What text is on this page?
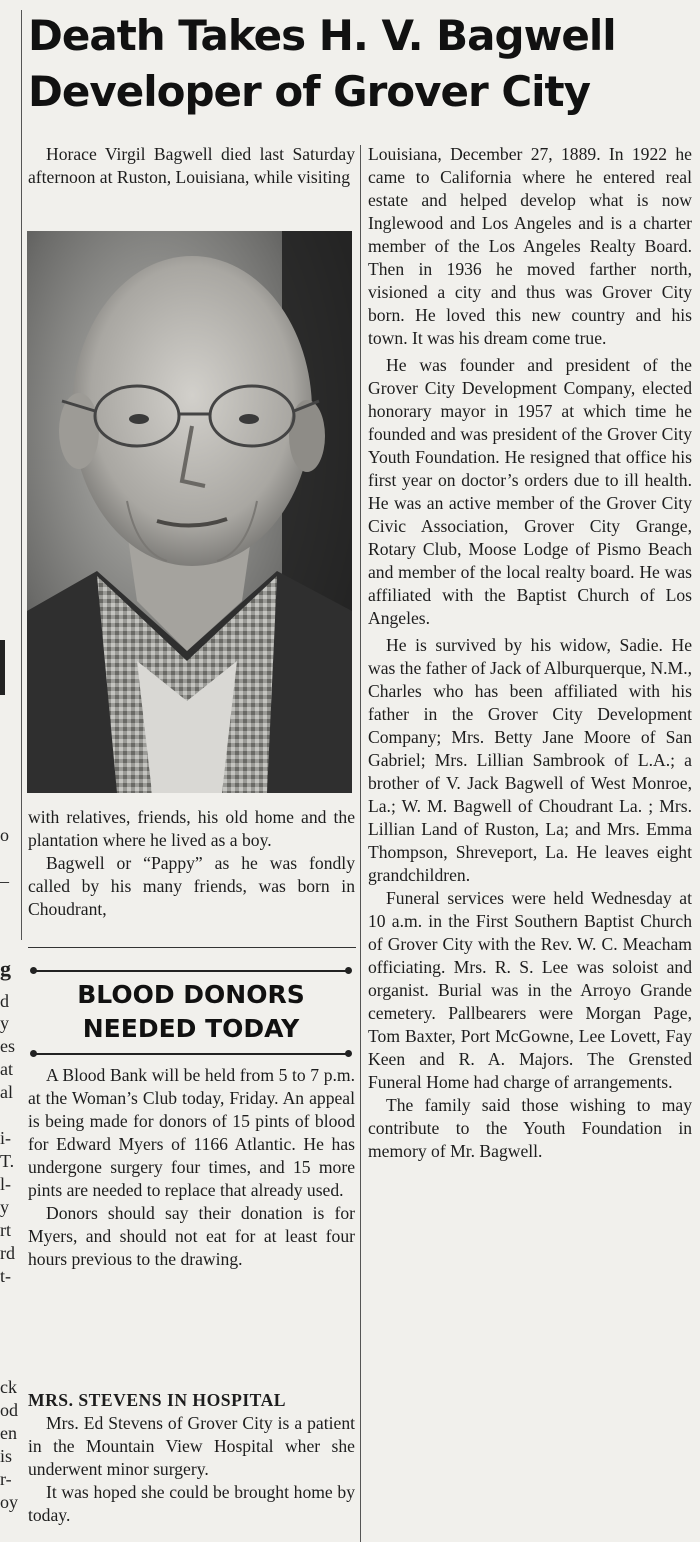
o
–
g
d
y
es
at
al
i-
T.
l-
y
rt
rd
t-
ck
od
en
is
r-
oy
Death Takes H. V. Bagwell
Developer of Grover City

Horace Virgil Bagwell died last Saturday afternoon at Ruston, Louisiana, while visiting

with relatives, friends, his old home and the plantation where he lived as a boy.

Bagwell or “Pappy” as he was fondly called by his many friends, was born in Choudrant,

BLOOD DONORS
NEEDED TODAY

A Blood Bank will be held from 5 to 7 p.m. at the Woman’s Club today, Friday. An appeal is being made for donors of 15 pints of blood for Edward Myers of 1166 Atlantic. He has undergone surgery four times, and 15 more pints are needed to replace that already used.

Donors should say their donation is for Myers, and should not eat for at least four hours previous to the drawing.

MRS. STEVENS IN HOSPITAL

Mrs. Ed Stevens of Grover City is a patient in the Mountain View Hospital wher she underwent minor surgery.

It was hoped she could be brought home by today.

Louisiana, December 27, 1889. In 1922 he came to California where he entered real estate and helped develop what is now Inglewood and Los Angeles and is a charter member of the Los Angeles Realty Board. Then in 1936 he moved farther north, visioned a city and thus was Grover City born. He loved this new country and his town. It was his dream come true.

He was founder and president of the Grover City Development Company, elected honorary mayor in 1957 at which time he founded and was president of the Grover City Youth Foundation. He resigned that office his first year on doctor’s orders due to ill health. He was an active member of the Grover City Civic Association, Grover City Grange, Rotary Club, Moose Lodge of Pismo Beach and member of the local realty board. He was affiliated with the Baptist Church of Los Angeles.

He is survived by his widow, Sadie. He was the father of Jack of Alburquerque, N.M., Charles who has been affiliated with his father in the Grover City Development Company; Mrs. Betty Jane Moore of San Gabriel; Mrs. Lillian Sambrook of L.A.; a brother of V. Jack Bagwell of West Monroe, La.; W. M. Bagwell of Choudrant La. ; Mrs. Lillian Land of Ruston, La; and Mrs. Emma Thompson, Shreveport, La. He leaves eight grandchildren.

Funeral services were held Wednesday at 10 a.m. in the First Southern Baptist Church of Grover City with the Rev. W. C. Meacham officiating. Mrs. R. S. Lee was soloist and organist. Burial was in the Arroyo Grande cemetery. Pallbearers were Morgan Page, Tom Baxter, Port McGowne, Lee Lovett, Fay Keen and R. A. Majors. The Grensted Funeral Home had charge of arrangements.

The family said those wishing to may contribute to the Youth Foundation in memory of Mr. Bagwell.
